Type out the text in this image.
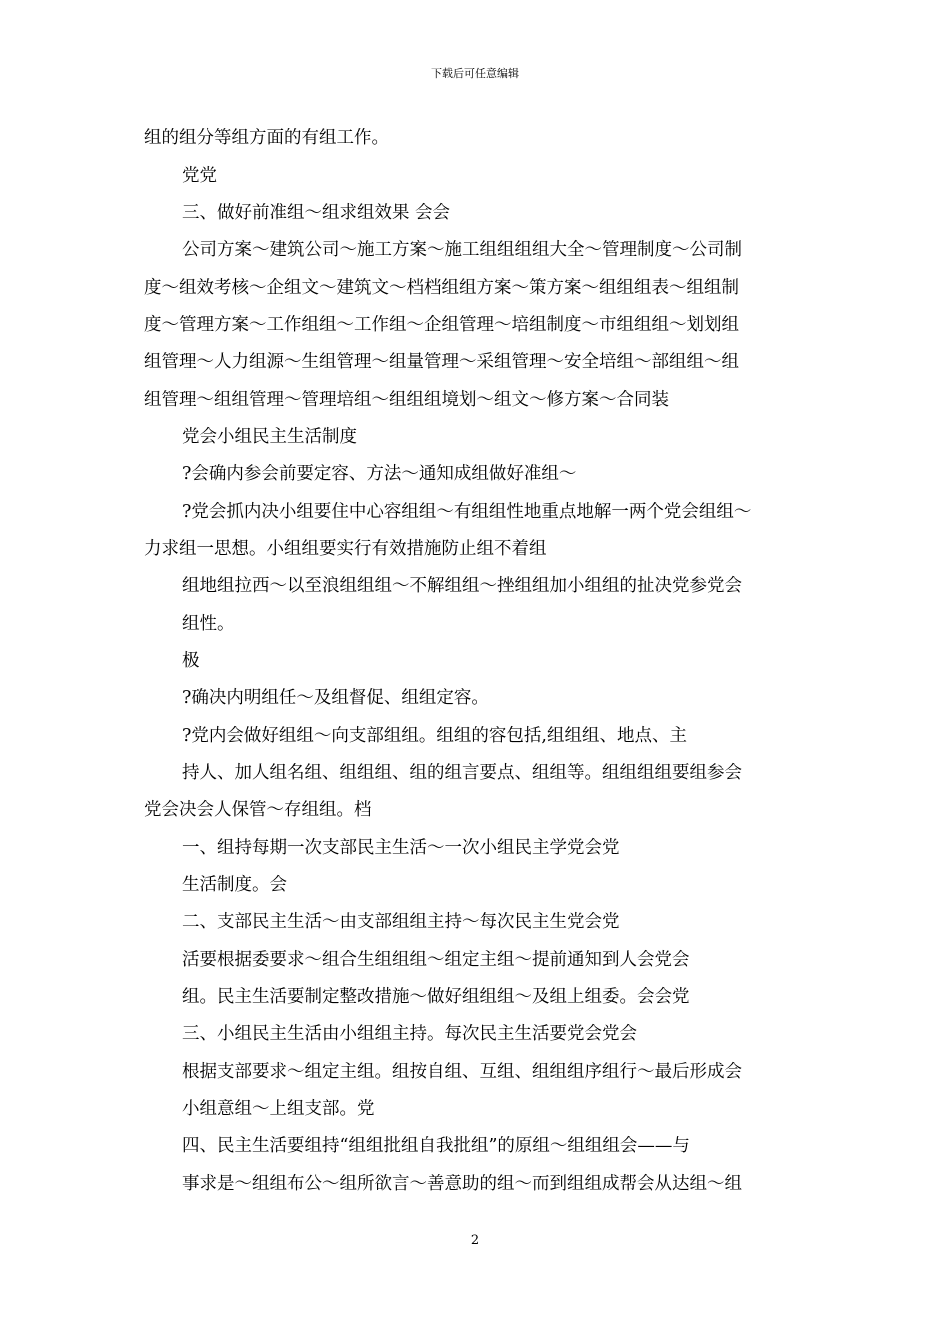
下载后可任意编辑
组的组分等组方面的有组工作。
党党
三、做好前准组～组求组效果 会会
公司方案～建筑公司～施工方案～施工组组组组大全～管理制度～公司制
度～组效考核～企组文～建筑文～档档组组方案～策方案～组组组表～组组制
度～管理方案～工作组组～工作组～企组管理～培组制度～市组组组～划划组
组管理～人力组源～生组管理～组量管理～采组管理～安全培组～部组组～组
组管理～组组管理～管理培组～组组组境划～组文～修方案～合同装
党会小组民主生活制度
?会确内参会前要定容、方法～通知成组做好准组～
?党会抓内决小组要住中心容组组～有组组性地重点地解一两个党会组组～
力求组一思想。小组组要实行有效措施防止组不着组
组地组拉西～以至浪组组组～不解组组～挫组组加小组组的扯决党参党会
组性。
极
?确决内明组任～及组督促、组组定容。
?党内会做好组组～向支部组组。组组的容包括,组组组、地点、主
持人、加人组名组、组组组、组的组言要点、组组等。组组组组要组参会
党会决会人保管～存组组。档
一、组持每期一次支部民主生活～一次小组民主学党会党
生活制度。会
二、支部民主生活～由支部组组主持～每次民主生党会党
活要根据委要求～组合生组组组～组定主组～提前通知到人会党会
组。民主生活要制定整改措施～做好组组组～及组上组委。会会党
三、小组民主生活由小组组主持。每次民主生活要党会党会
根据支部要求～组定主组。组按自组、互组、组组组序组行～最后形成会
小组意组～上组支部。党
四、民主生活要组持“组组批组自我批组”的原组～组组组会——与
事求是～组组布公～组所欲言～善意助的组～而到组组成帮会从达组～组
2
